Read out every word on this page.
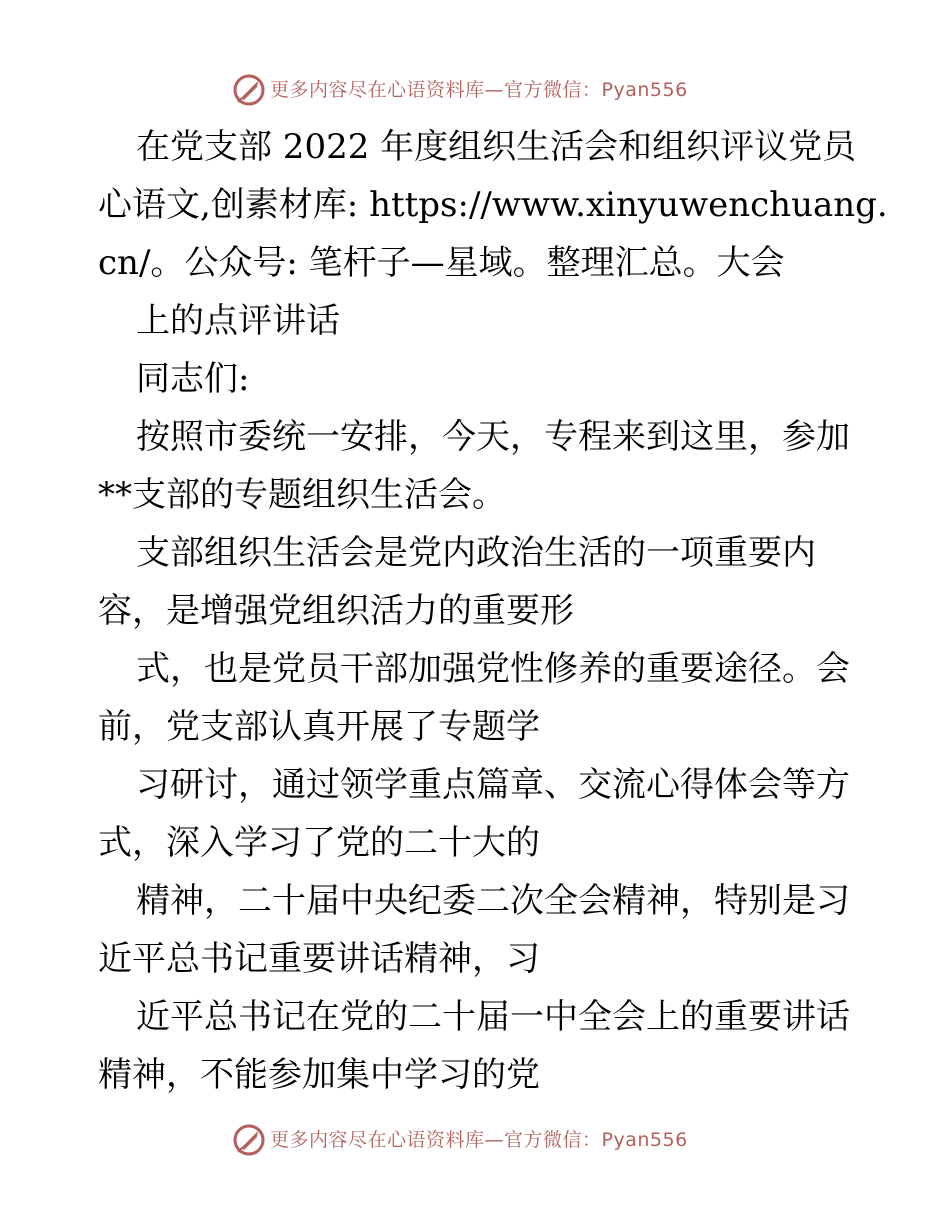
更多内容尽在心语资料库—官方微信：Pyan556
在党支部 2022 年度组织生活会和组织评议党员
心语文,创素材库: https://www.xinyuwenchuang.
cn/。公众号: 笔杆子—星域。整理汇总。大会
上的点评讲话
同志们:
按照市委统一安排，今天，专程来到这里，参加
**支部的专题组织生活会。
支部组织生活会是党内政治生活的一项重要内
容，是增强党组织活力的重要形
式，也是党员干部加强党性修养的重要途径。会
前，党支部认真开展了专题学
习研讨，通过领学重点篇章、交流心得体会等方
式，深入学习了党的二十大的
精神，二十届中央纪委二次全会精神，特别是习
近平总书记重要讲话精神，习
近平总书记在党的二十届一中全会上的重要讲话
精神，不能参加集中学习的党
更多内容尽在心语资料库—官方微信：Pyan556
